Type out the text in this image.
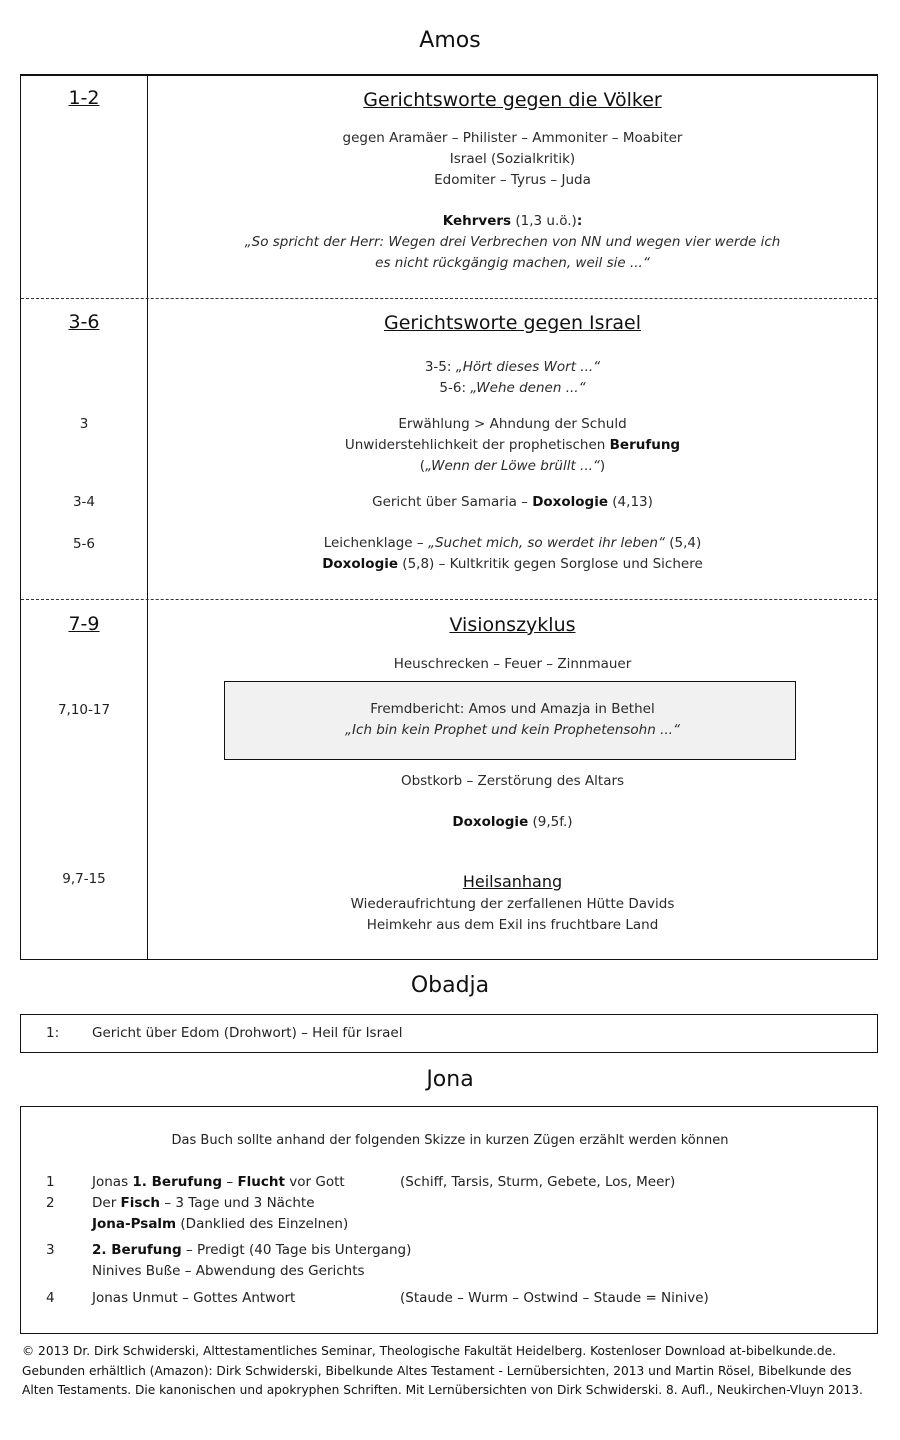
Amos
1-2	Gerichtsworte gegen die Völker
gegen Aramäer – Philister – Ammoniter – Moabiter
Israel (Sozialkritik)
Edomiter – Tyrus – Juda
Kehrvers (1,3 u.ö.):
„So spricht der Herr: Wegen drei Verbrechen von NN und wegen vier werde ich
es nicht rückgängig machen, weil sie ...“
3-6	Gerichtsworte gegen Israel
3-5: „Hört dieses Wort ...“
5-6: „Wehe denen ...“
3	Erwählung > Ahndung der Schuld
Unwiderstehlichkeit der prophetischen Berufung
(„Wenn der Löwe brüllt ...“)
3-4	Gericht über Samaria – Doxologie (4,13)
5-6	Leichenklage – „Suchet mich, so werdet ihr leben“ (5,4)
Doxologie (5,8) – Kultkritik gegen Sorglose und Sichere
7-9	Visionszyklus
Heuschrecken – Feuer – Zinnmauer
7,10-17	Fremdbericht: Amos und Amazja in Bethel
„Ich bin kein Prophet und kein Prophetensohn ...“
Obstkorb – Zerstörung des Altars
Doxologie (9,5f.)
9,7-15	Heilsanhang
Wiederaufrichtung der zerfallenen Hütte Davids
Heimkehr aus dem Exil ins fruchtbare Land
Obadja
1: Gericht über Edom (Drohwort) – Heil für Israel
Jona
Das Buch sollte anhand der folgenden Skizze in kurzen Zügen erzählt werden können
1	Jonas 1. Berufung – Flucht vor Gott	(Schiff, Tarsis, Sturm, Gebete, Los, Meer)
2	Der Fisch – 3 Tage und 3 Nächte
Jona-Psalm (Danklied des Einzelnen)
3	2. Berufung – Predigt (40 Tage bis Untergang)
Ninives Buße – Abwendung des Gerichts
4	Jonas Unmut – Gottes Antwort	(Staude – Wurm – Ostwind – Staude = Ninive)
© 2013 Dr. Dirk Schwiderski, Alttestamentliches Seminar, Theologische Fakultät Heidelberg. Kostenloser Download at-bibelkunde.de.
Gebunden erhältlich (Amazon): Dirk Schwiderski, Bibelkunde Altes Testament - Lernübersichten, 2013 und Martin Rösel, Bibelkunde des
Alten Testaments. Die kanonischen und apokryphen Schriften. Mit Lernübersichten von Dirk Schwiderski. 8. Aufl., Neukirchen-Vluyn 2013.
